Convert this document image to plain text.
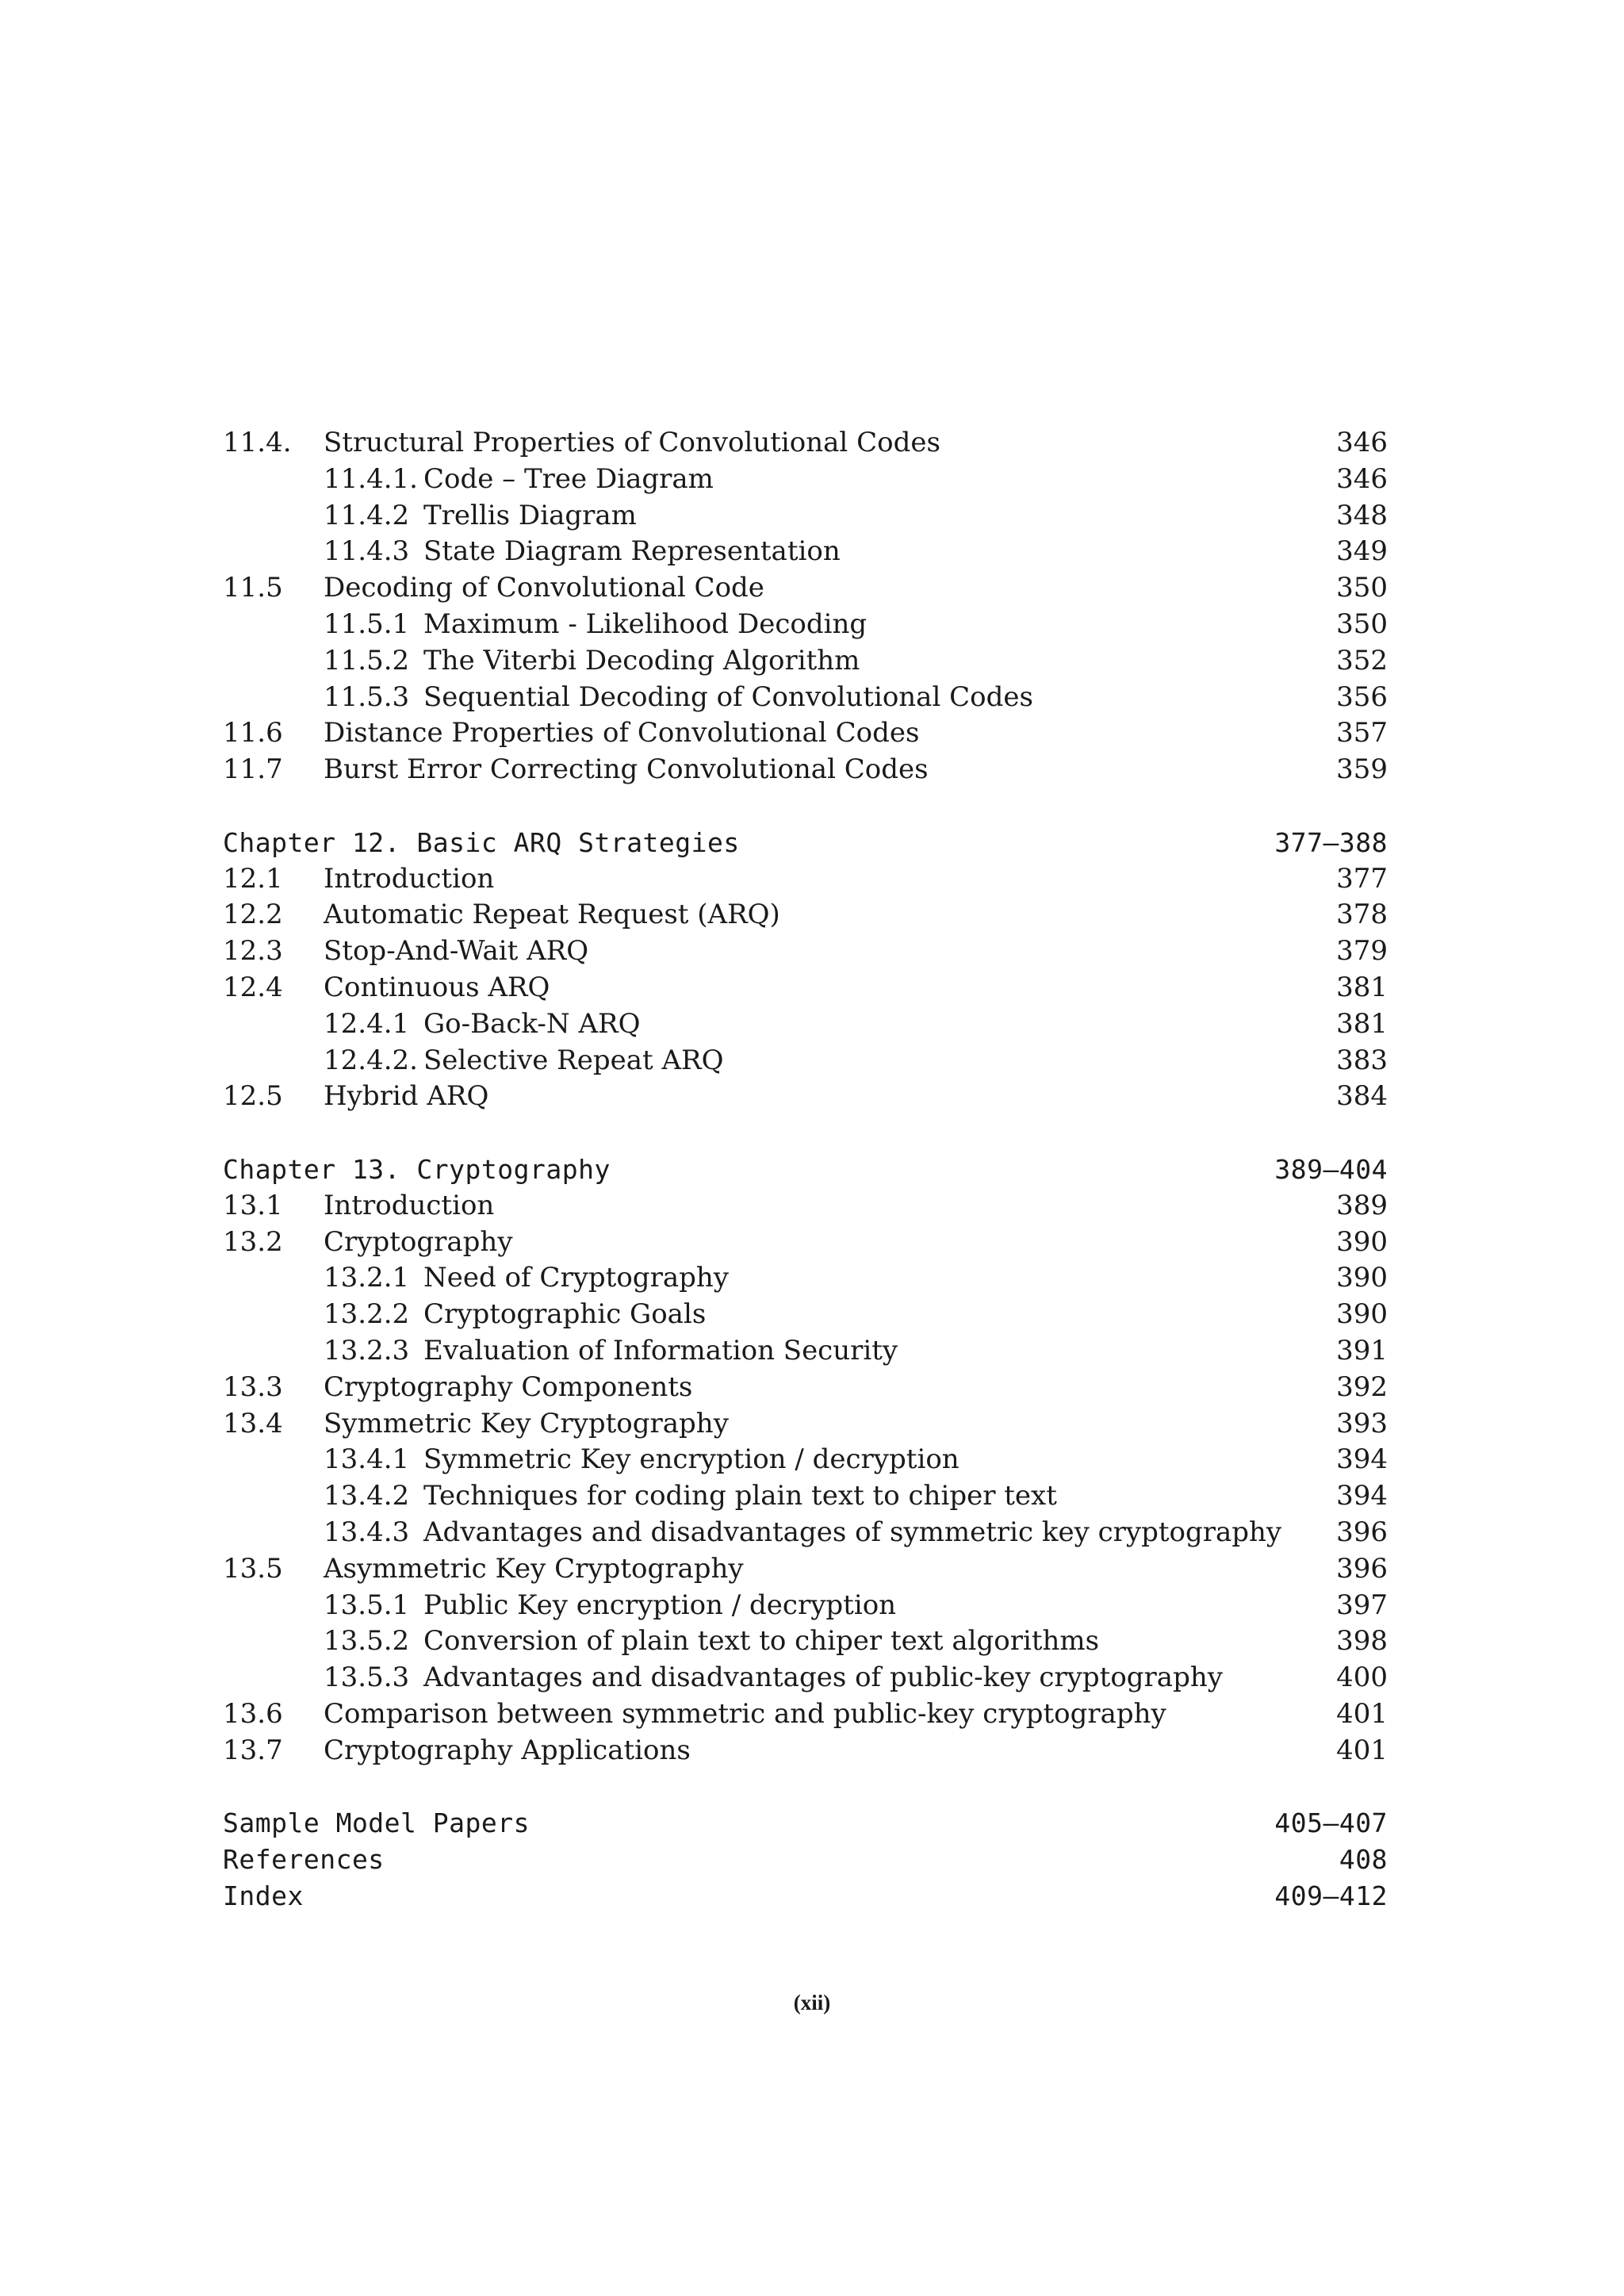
11.4. Structural Properties of Convolutional Codes	346
11.4.1. Code – Tree Diagram	346
11.4.2 Trellis Diagram	348
11.4.3 State Diagram Representation	349
11.5 Decoding of Convolutional Code	350
11.5.1 Maximum - Likelihood Decoding	350
11.5.2 The Viterbi Decoding Algorithm	352
11.5.3 Sequential Decoding of Convolutional Codes	356
11.6 Distance Properties of Convolutional Codes	357
11.7 Burst Error Correcting Convolutional Codes	359
Chapter 12. Basic ARQ Strategies	377–388
12.1 Introduction	377
12.2 Automatic Repeat Request (ARQ)	378
12.3 Stop-And-Wait ARQ	379
12.4 Continuous ARQ	381
12.4.1 Go-Back-N ARQ	381
12.4.2. Selective Repeat ARQ	383
12.5 Hybrid ARQ	384
Chapter 13. Cryptography	389–404
13.1 Introduction	389
13.2 Cryptography	390
13.2.1 Need of Cryptography	390
13.2.2 Cryptographic Goals	390
13.2.3 Evaluation of Information Security	391
13.3 Cryptography Components	392
13.4 Symmetric Key Cryptography	393
13.4.1 Symmetric Key encryption / decryption	394
13.4.2 Techniques for coding plain text to chiper text	394
13.4.3 Advantages and disadvantages of symmetric key cryptography 396
13.5 Asymmetric Key Cryptography	396
13.5.1 Public Key encryption / decryption	397
13.5.2 Conversion of plain text to chiper text algorithms	398
13.5.3 Advantages and disadvantages of public-key cryptography	400
13.6 Comparison between symmetric and public-key cryptography	401
13.7 Cryptography Applications	401
Sample Model Papers	405–407
References	408
Index	409–412
(xii)
